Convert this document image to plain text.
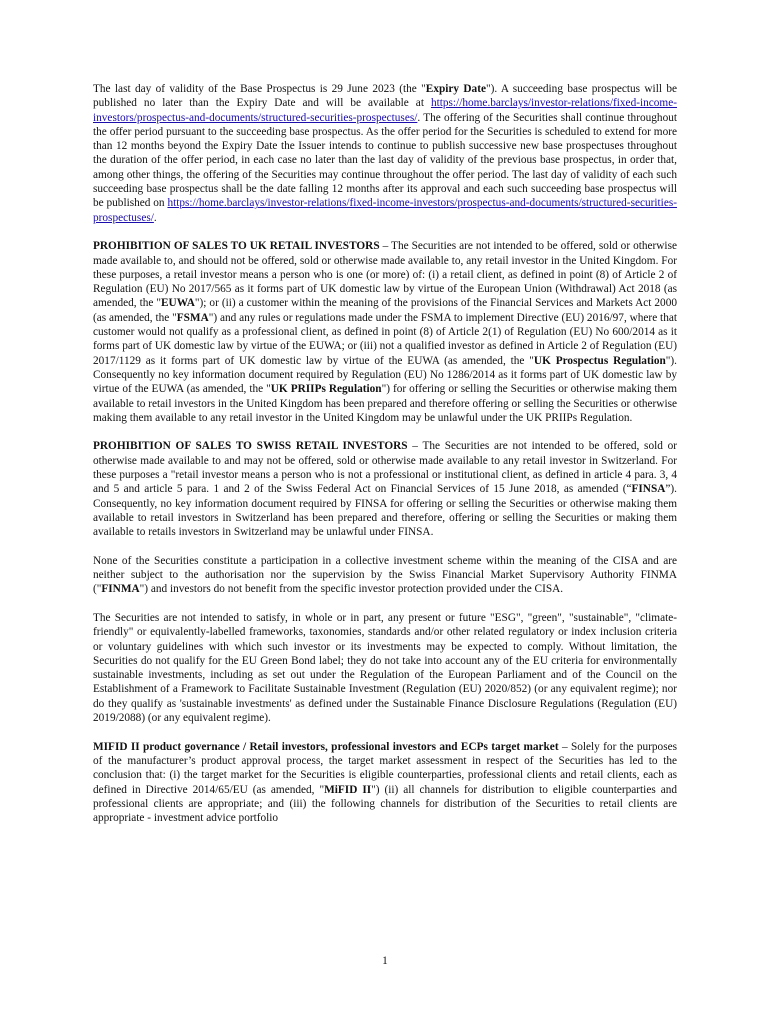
The last day of validity of the Base Prospectus is 29 June 2023 (the "Expiry Date"). A succeeding base prospectus will be published no later than the Expiry Date and will be available at https://home.barclays/investor-relations/fixed-income-investors/prospectus-and-documents/structured-securities-prospectuses/. The offering of the Securities shall continue throughout the offer period pursuant to the succeeding base prospectus. As the offer period for the Securities is scheduled to extend for more than 12 months beyond the Expiry Date the Issuer intends to continue to publish successive new base prospectuses throughout the duration of the offer period, in each case no later than the last day of validity of the previous base prospectus, in order that, among other things, the offering of the Securities may continue throughout the offer period. The last day of validity of each such succeeding base prospectus shall be the date falling 12 months after its approval and each such succeeding base prospectus will be published on https://home.barclays/investor-relations/fixed-income-investors/prospectus-and-documents/structured-securities-prospectuses/.

PROHIBITION OF SALES TO UK RETAIL INVESTORS – The Securities are not intended to be offered, sold or otherwise made available to, and should not be offered, sold or otherwise made available to, any retail investor in the United Kingdom. For these purposes, a retail investor means a person who is one (or more) of: (i) a retail client, as defined in point (8) of Article 2 of Regulation (EU) No 2017/565 as it forms part of UK domestic law by virtue of the European Union (Withdrawal) Act 2018 (as amended, the "EUWA"); or (ii) a customer within the meaning of the provisions of the Financial Services and Markets Act 2000 (as amended, the "FSMA") and any rules or regulations made under the FSMA to implement Directive (EU) 2016/97, where that customer would not qualify as a professional client, as defined in point (8) of Article 2(1) of Regulation (EU) No 600/2014 as it forms part of UK domestic law by virtue of the EUWA; or (iii) not a qualified investor as defined in Article 2 of Regulation (EU) 2017/1129 as it forms part of UK domestic law by virtue of the EUWA (as amended, the "UK Prospectus Regulation"). Consequently no key information document required by Regulation (EU) No 1286/2014 as it forms part of UK domestic law by virtue of the EUWA (as amended, the "UK PRIIPs Regulation") for offering or selling the Securities or otherwise making them available to retail investors in the United Kingdom has been prepared and therefore offering or selling the Securities or otherwise making them available to any retail investor in the United Kingdom may be unlawful under the UK PRIIPs Regulation.

PROHIBITION OF SALES TO SWISS RETAIL INVESTORS – The Securities are not intended to be offered, sold or otherwise made available to and may not be offered, sold or otherwise made available to any retail investor in Switzerland. For these purposes a "retail investor means a person who is not a professional or institutional client, as defined in article 4 para. 3, 4 and 5 and article 5 para. 1 and 2 of the Swiss Federal Act on Financial Services of 15 June 2018, as amended (“FINSA”). Consequently, no key information document required by FINSA for offering or selling the Securities or otherwise making them available to retail investors in Switzerland has been prepared and therefore, offering or selling the Securities or making them available to retails investors in Switzerland may be unlawful under FINSA.

None of the Securities constitute a participation in a collective investment scheme within the meaning of the CISA and are neither subject to the authorisation nor the supervision by the Swiss Financial Market Supervisory Authority FINMA ("FINMA") and investors do not benefit from the specific investor protection provided under the CISA.

The Securities are not intended to satisfy, in whole or in part, any present or future "ESG", "green", "sustainable", "climate-friendly" or equivalently-labelled frameworks, taxonomies, standards and/or other related regulatory or index inclusion criteria or voluntary guidelines with which such investor or its investments may be expected to comply. Without limitation, the Securities do not qualify for the EU Green Bond label; they do not take into account any of the EU criteria for environmentally sustainable investments, including as set out under the Regulation of the European Parliament and of the Council on the Establishment of a Framework to Facilitate Sustainable Investment (Regulation (EU) 2020/852) (or any equivalent regime); nor do they qualify as 'sustainable investments' as defined under the Sustainable Finance Disclosure Regulations (Regulation (EU) 2019/2088) (or any equivalent regime).

MIFID II product governance / Retail investors, professional investors and ECPs target market – Solely for the purposes of the manufacturer’s product approval process, the target market assessment in respect of the Securities has led to the conclusion that: (i) the target market for the Securities is eligible counterparties, professional clients and retail clients, each as defined in Directive 2014/65/EU (as amended, "MiFID II") (ii) all channels for distribution to eligible counterparties and professional clients are appropriate; and (iii) the following channels for distribution of the Securities to retail clients are appropriate - investment advice portfolio

1
